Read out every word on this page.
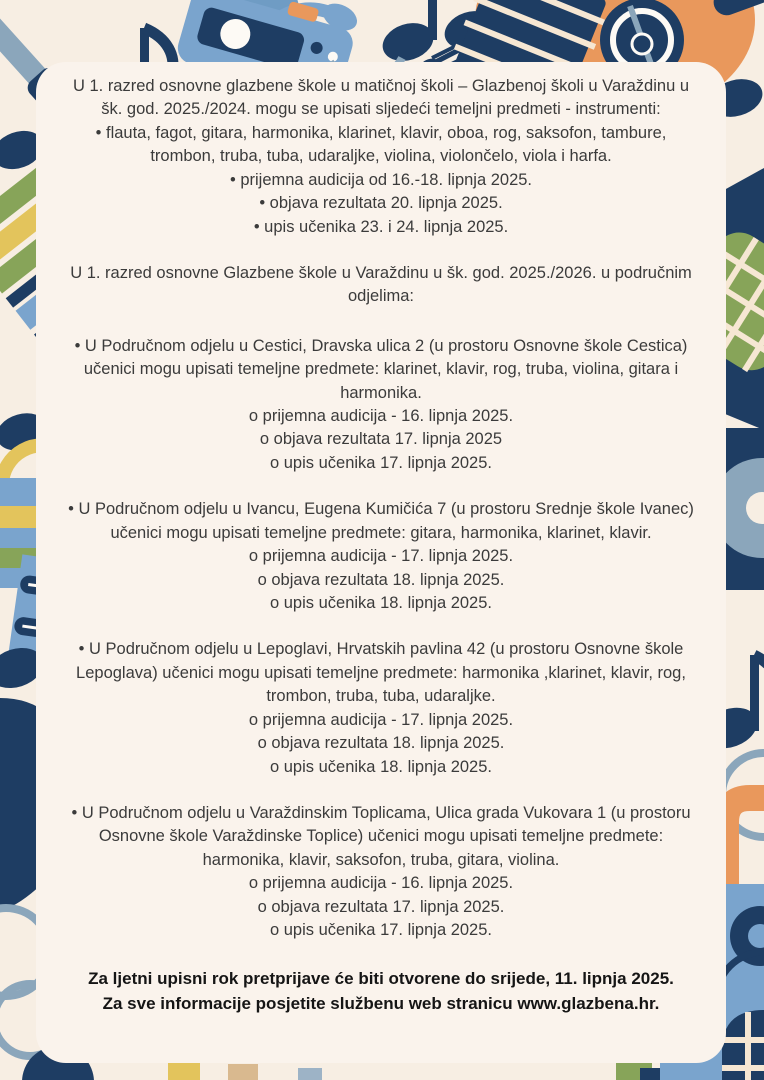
U 1. razred osnovne glazbene škole u matičnoj školi – Glazbenoj školi u Varaždinu u šk. god. 2025./2024. mogu se upisati sljedeći temeljni predmeti - instrumenti:

• flauta, fagot, gitara, harmonika, klarinet, klavir, oboa, rog, saksofon, tambure, trombon, truba, tuba, udaraljke, violina, violončelo, viola i harfa.

• prijemna audicija od 16.-18. lipnja 2025.

• objava rezultata 20. lipnja 2025.

• upis učenika 23. i 24. lipnja 2025.

U 1. razred osnovne Glazbene škole u Varaždinu u šk. god. 2025./2026. u područnim odjelima:

• U Područnom odjelu u Cestici, Dravska ulica 2 (u prostoru Osnovne škole Cestica) učenici mogu upisati temeljne predmete: klarinet, klavir, rog, truba, violina, gitara i harmonika.

o prijemna audicija - 16. lipnja 2025.

o objava rezultata 17. lipnja 2025

o upis učenika 17. lipnja 2025.

• U Područnom odjelu u Ivancu, Eugena Kumičića 7 (u prostoru Srednje škole Ivanec) učenici mogu upisati temeljne predmete: gitara, harmonika, klarinet, klavir.

o prijemna audicija - 17. lipnja 2025.

o objava rezultata 18. lipnja 2025.

o upis učenika 18. lipnja 2025.

• U Područnom odjelu u Lepoglavi, Hrvatskih pavlina 42 (u prostoru Osnovne škole Lepoglava) učenici mogu upisati temeljne predmete: harmonika ,klarinet, klavir, rog, trombon, truba, tuba, udaraljke.

o prijemna audicija - 17. lipnja 2025.

o objava rezultata 18. lipnja 2025.

o upis učenika 18. lipnja 2025.

• U Područnom odjelu u Varaždinskim Toplicama, Ulica grada Vukovara 1 (u prostoru Osnovne škole Varaždinske Toplice) učenici mogu upisati temeljne predmete: harmonika, klavir, saksofon, truba, gitara, violina.

o prijemna audicija - 16. lipnja 2025.

o objava rezultata 17. lipnja 2025.

o upis učenika 17. lipnja 2025.

Za ljetni upisni rok pretprijave će biti otvorene do srijede, 11. lipnja 2025.

Za sve informacije posjetite službenu web stranicu www.glazbena.hr.
